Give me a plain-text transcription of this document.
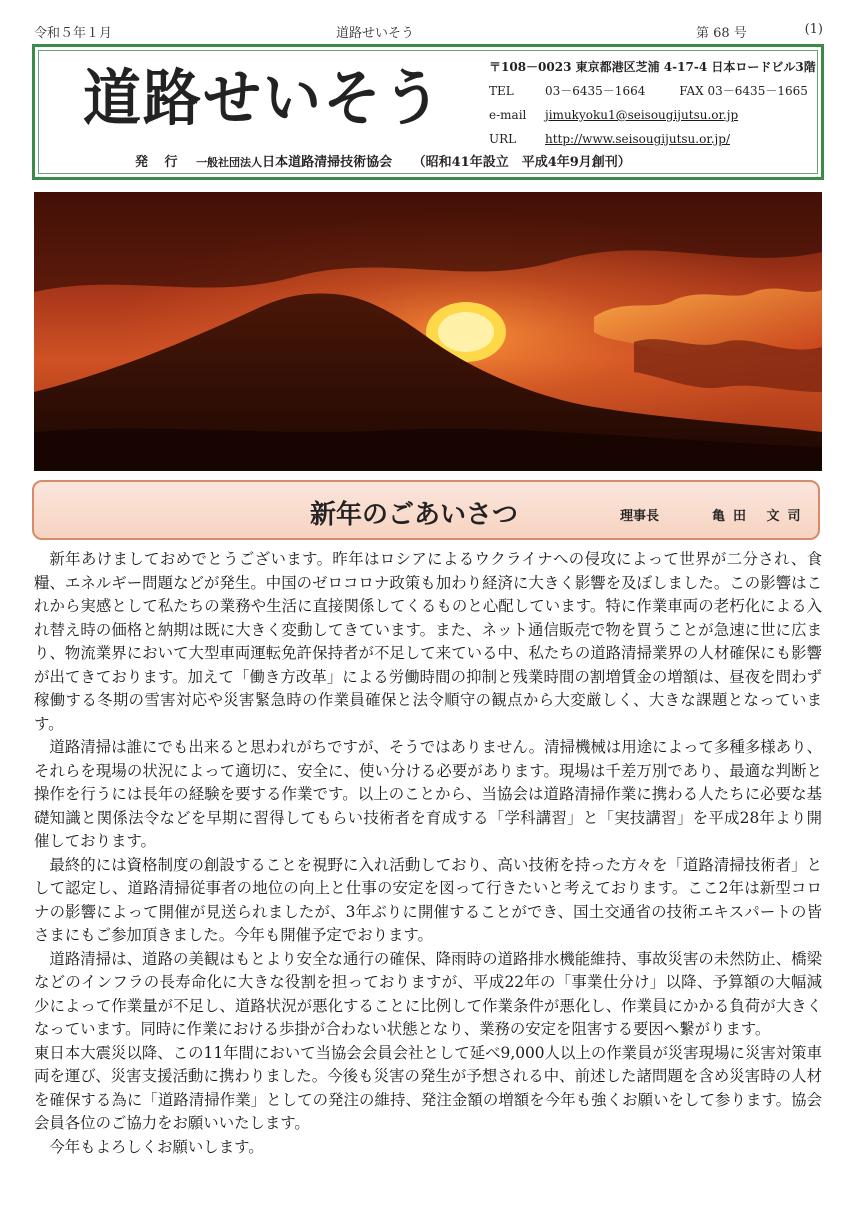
令和５年１月	道路せいそう	第 68 号	(1)
道路せいそう	〒108－0023 東京都港区芝浦 4-17-4 日本ロードビル3階
TEL	03－6435－1664	FAX 03－6435－1665
e-mail jimukyoku1@seisougijutsu.or.jp
URL http://www.seisougijutsu.or.jp/
発 行 一般社団法人日本道路清掃技術協会 （昭和41年設立　平成4年9月創刊）
新年のごあいさつ	理事長	亀田 文司

新年あけましておめでとうございます。昨年はロシアによるウクライナへの侵攻によって世界が二分され、食糧、エネルギー問題などが発生。中国のゼロコロナ政策も加わり経済に大きく影響を及ぼしました。この影響はこれから実感として私たちの業務や生活に直接関係してくるものと心配しています。特に作業車両の老朽化による入れ替え時の価格と納期は既に大きく変動してきています。また、ネット通信販売で物を買うことが急速に世に広まり、物流業界において大型車両運転免許保持者が不足して来ている中、私たちの道路清掃業界の人材確保にも影響が出てきております。加えて「働き方改革」による労働時間の抑制と残業時間の割増賃金の増額は、昼夜を問わず稼働する冬期の雪害対応や災害緊急時の作業員確保と法令順守の観点から大変厳しく、大きな課題となっています。

道路清掃は誰にでも出来ると思われがちですが、そうではありません。清掃機械は用途によって多種多様あり、それらを現場の状況によって適切に、安全に、使い分ける必要があります。現場は千差万別であり、最適な判断と操作を行うには長年の経験を要する作業です。以上のことから、当協会は道路清掃作業に携わる人たちに必要な基礎知識と関係法令などを早期に習得してもらい技術者を育成する「学科講習」と「実技講習」を平成28年より開催しております。

最終的には資格制度の創設することを視野に入れ活動しており、高い技術を持った方々を「道路清掃技術者」として認定し、道路清掃従事者の地位の向上と仕事の安定を図って行きたいと考えております。ここ2年は新型コロナの影響によって開催が見送られましたが、3年ぶりに開催することができ、国土交通省の技術エキスパートの皆さまにもご参加頂きました。今年も開催予定でおります。

道路清掃は、道路の美観はもとより安全な通行の確保、降雨時の道路排水機能維持、事故災害の未然防止、橋梁などのインフラの長寿命化に大きな役割を担っておりますが、平成22年の「事業仕分け」以降、予算額の大幅減少によって作業量が不足し、道路状況が悪化することに比例して作業条件が悪化し、作業員にかかる負荷が大きくなっています。同時に作業における歩掛が合わない状態となり、業務の安定を阻害する要因へ繋がります。

東日本大震災以降、この11年間において当協会会員会社として延べ9,000人以上の作業員が災害現場に災害対策車両を運び、災害支援活動に携わりました。今後も災害の発生が予想される中、前述した諸問題を含め災害時の人材を確保する為に「道路清掃作業」としての発注の維持、発注金額の増額を今年も強くお願いをして参ります。協会会員各位のご協力をお願いいたします。

今年もよろしくお願いします。
